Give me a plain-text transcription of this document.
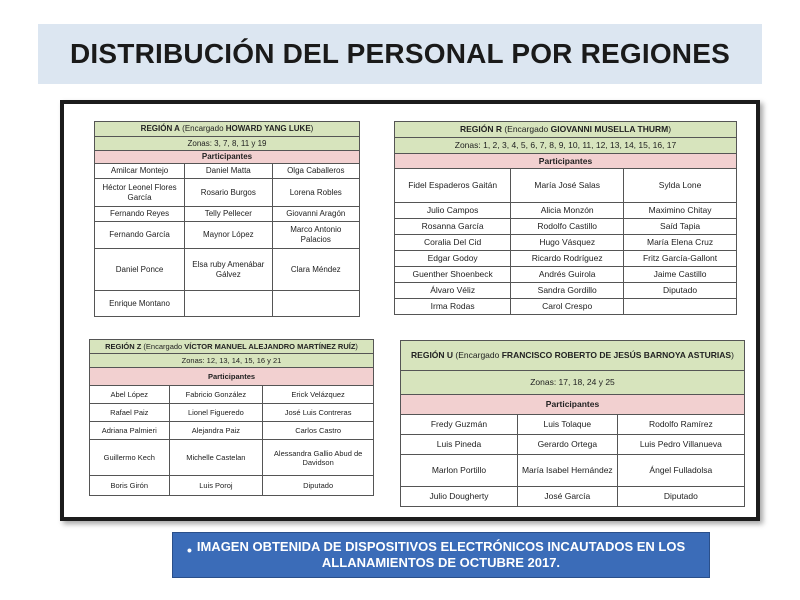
DISTRIBUCIÓN DEL PERSONAL POR REGIONES
REGIÓN A (Encargado HOWARD YANG LUKE)		
Zonas: 3, 7, 8, 11 y 19		
Participantes		
Amilcar Montejo	Daniel Matta	Olga Caballeros
Héctor Leonel Flores García	Rosario Burgos	Lorena Robles
Fernando Reyes	Telly Pellecer	Giovanni Aragón
Fernando García	Maynor López	Marco Antonio Palacios
Daniel Ponce	Elsa ruby Amenábar Gálvez	Clara Méndez
Enrique Montano		
REGIÓN R (Encargado GIOVANNI MUSELLA THURM)		
Zonas: 1, 2, 3, 4, 5, 6, 7, 8, 9, 10, 11, 12, 13, 14, 15, 16, 17		
Participantes		
Fidel Espaderos Gaitán	María José Salas	Sylda Lone
Julio Campos	Alicia Monzón	Maximino Chitay
Rosanna García	Rodolfo Castillo	Saíd Tapia
Coralia Del Cid	Hugo Vásquez	María Elena Cruz
Edgar Godoy	Ricardo Rodríguez	Fritz García-Gallont
Guenther Shoenbeck	Andrés Guirola	Jaime Castillo
Álvaro Véliz	Sandra Gordillo	Diputado
Irma Rodas	Carol Crespo	
REGIÓN Z (Encargado VÍCTOR MANUEL ALEJANDRO MARTÍNEZ RUÍZ)		
Zonas: 12, 13, 14, 15, 16 y 21		
Participantes		
Abel López	Fabricio González	Erick Velázquez
Rafael Paiz	Lionel Figueredo	José Luis Contreras
Adriana Palmieri	Alejandra Paiz	Carlos Castro
Guillermo Kech	Michelle Castelan	Alessandra Gallio Abud de Davidson
Boris Girón	Luis Poroj	Diputado
REGIÓN U (Encargado FRANCISCO ROBERTO DE JESÚS BARNOYA ASTURIAS)		
Zonas: 17, 18, 24 y 25		
Participantes		
Fredy Guzmán	Luis Tolaque	Rodolfo Ramírez
Luis Pineda	Gerardo Ortega	Luis Pedro Villanueva
Marlon Portillo	María Isabel Hernández	Ángel Fulladolsa
Julio Dougherty	José García	Diputado
• IMAGEN OBTENIDA DE DISPOSITIVOS ELECTRÓNICOS INCAUTADOS EN LOS ALLANAMIENTOS DE OCTUBRE 2017.
